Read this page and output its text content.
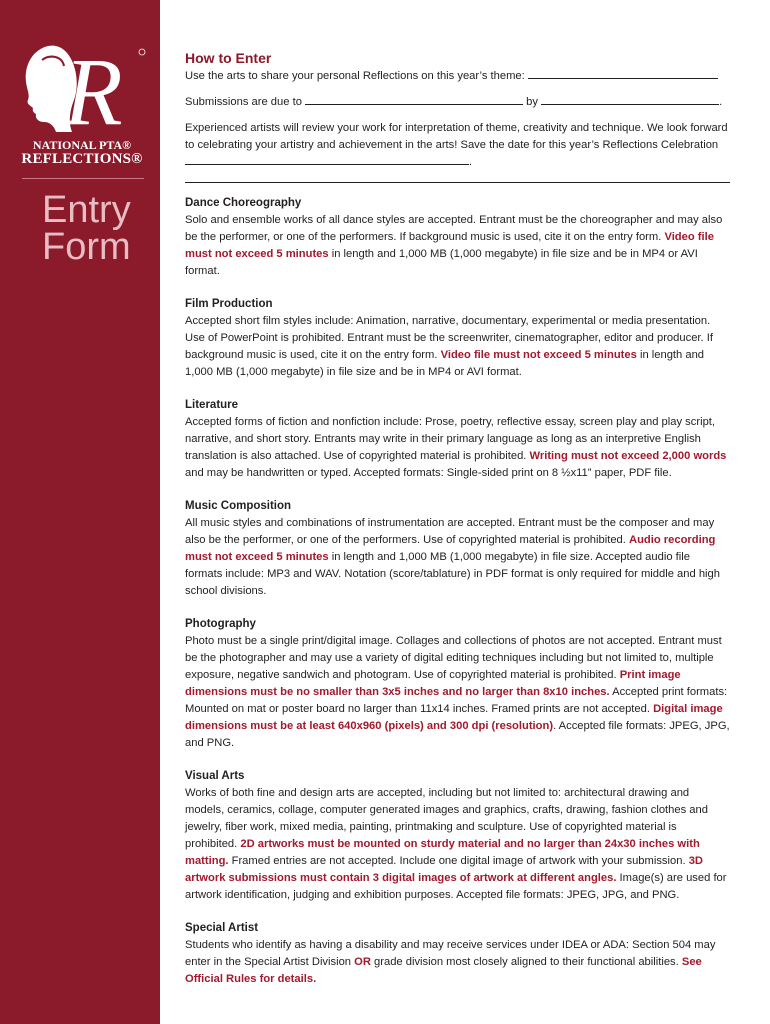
R
NATIONAL PTA®
REFLECTIONS®
Entry
Form
How to Enter

Use the arts to share your personal Reflections on this year’s theme:

Submissions are due to	by	.

Experienced artists will review your work for interpretation of theme, creativity and technique. We look forward to celebrating your artistry and achievement in the arts! Save the date for this year’s Reflections Celebration .

Dance Choreography

Solo and ensemble works of all dance styles are accepted. Entrant must be the choreographer and may also be the performer, or one of the performers. If background music is used, cite it on the entry form. Video file must not exceed 5 minutes in length and 1,000 MB (1,000 megabyte) in file size and be in MP4 or AVI format.

Film Production

Accepted short film styles include: Animation, narrative, documentary, experimental or media presentation. Use of PowerPoint is prohibited. Entrant must be the screenwriter, cinematographer, editor and producer. If background music is used, cite it on the entry form. Video file must not exceed 5 minutes in length and 1,000 MB (1,000 megabyte) in file size and be in MP4 or AVI format.

Literature

Accepted forms of fiction and nonfiction include: Prose, poetry, reflective essay, screen play and play script, narrative, and short story. Entrants may write in their primary language as long as an interpretive English translation is also attached. Use of copyrighted material is prohibited. Writing must not exceed 2,000 words and may be handwritten or typed. Accepted formats: Single-sided print on 8 ½x11” paper, PDF file.

Music Composition

All music styles and combinations of instrumentation are accepted. Entrant must be the composer and may also be the performer, or one of the performers. Use of copyrighted material is prohibited. Audio recording must not exceed 5 minutes in length and 1,000 MB (1,000 megabyte) in file size. Accepted audio file formats include: MP3 and WAV. Notation (score/tablature) in PDF format is only required for middle and high school divisions.

Photography

Photo must be a single print/digital image. Collages and collections of photos are not accepted. Entrant must be the photographer and may use a variety of digital editing techniques including but not limited to, multiple exposure, negative sandwich and photogram. Use of copyrighted material is prohibited. Print image dimensions must be no smaller than 3x5 inches and no larger than 8x10 inches. Accepted print formats: Mounted on mat or poster board no larger than 11x14 inches. Framed prints are not accepted. Digital image dimensions must be at least 640x960 (pixels) and 300 dpi (resolution). Accepted file formats: JPEG, JPG, and PNG.

Visual Arts

Works of both fine and design arts are accepted, including but not limited to: architectural drawing and models, ceramics, collage, computer generated images and graphics, crafts, drawing, fashion clothes and jewelry, fiber work, mixed media, painting, printmaking and sculpture. Use of copyrighted material is prohibited. 2D artworks must be mounted on sturdy material and no larger than 24x30 inches with matting. Framed entries are not accepted. Include one digital image of artwork with your submission. 3D artwork submissions must contain 3 digital images of artwork at different angles. Image(s) are used for artwork identification, judging and exhibition purposes. Accepted file formats: JPEG, JPG, and PNG.

Special Artist

Students who identify as having a disability and may receive services under IDEA or ADA: Section 504 may enter in the Special Artist Division OR grade division most closely aligned to their functional abilities. See Official Rules for details.
